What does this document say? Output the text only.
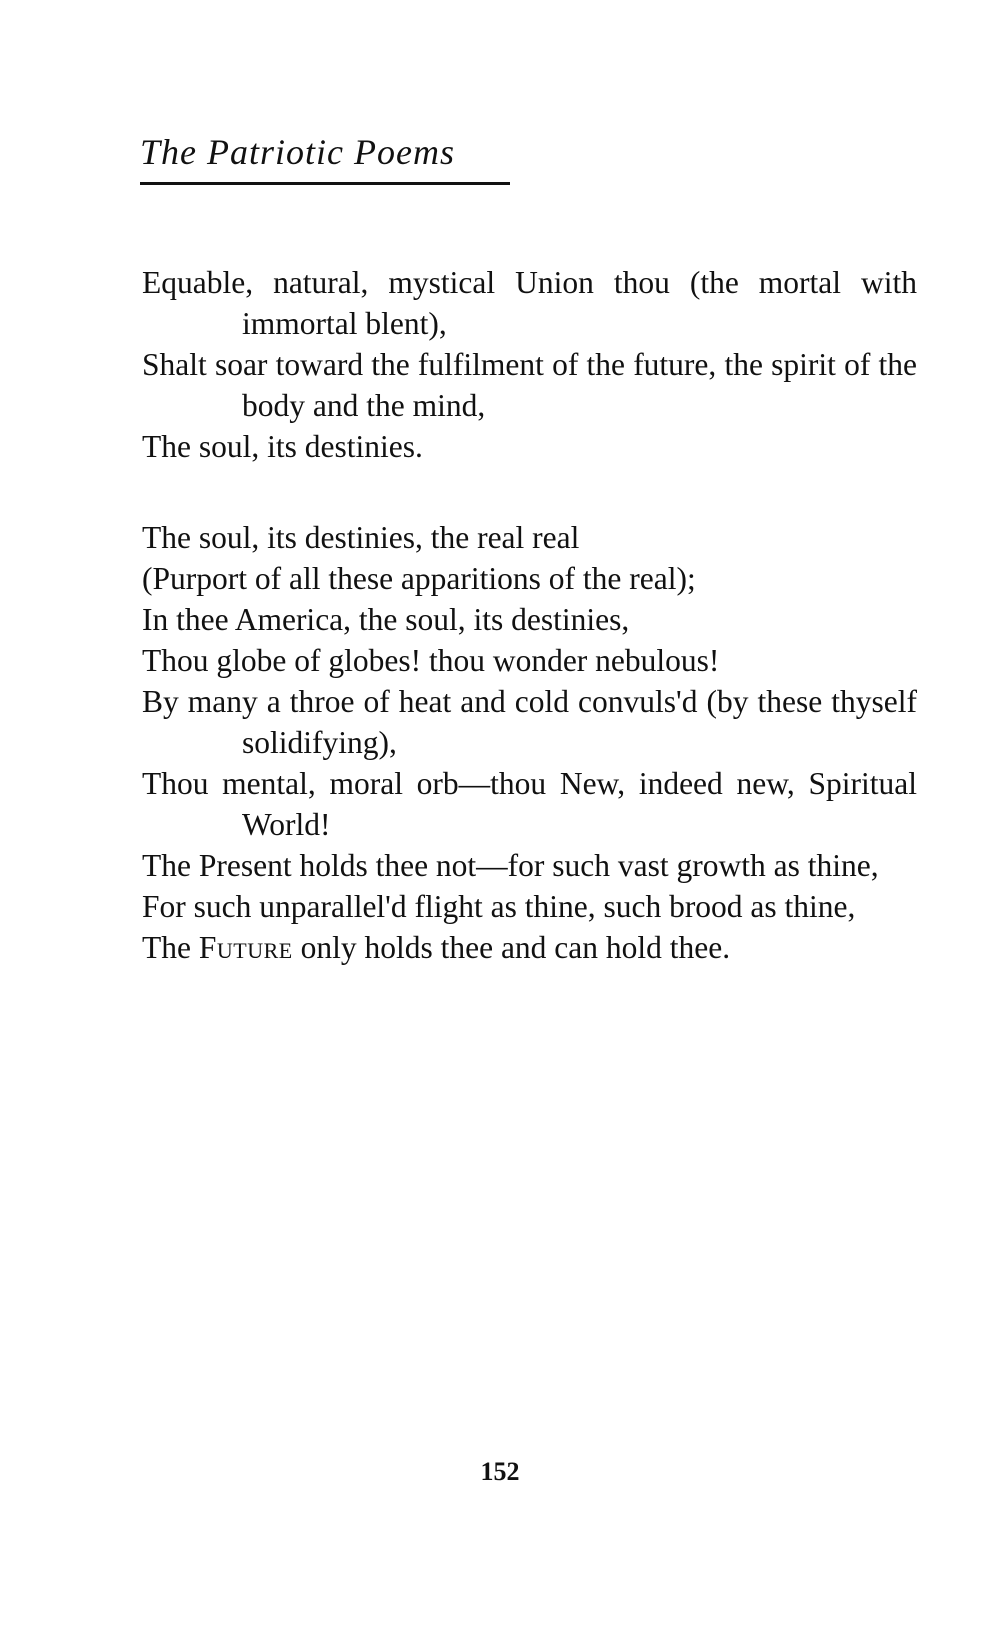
The Patriotic Poems
Equable, natural, mystical Union thou (the mortal with immortal blent),
Shalt soar toward the fulfilment of the future, the spirit of the body and the mind,
The soul, its destinies.
The soul, its destinies, the real real
(Purport of all these apparitions of the real);
In thee America, the soul, its destinies,
Thou globe of globes! thou wonder nebulous!
By many a throe of heat and cold convuls'd (by these thyself solidifying),
Thou mental, moral orb—thou New, indeed new, Spiritual World!
The Present holds thee not—for such vast growth as thine,
For such unparallel'd flight as thine, such brood as thine,
The Future only holds thee and can hold thee.
152
